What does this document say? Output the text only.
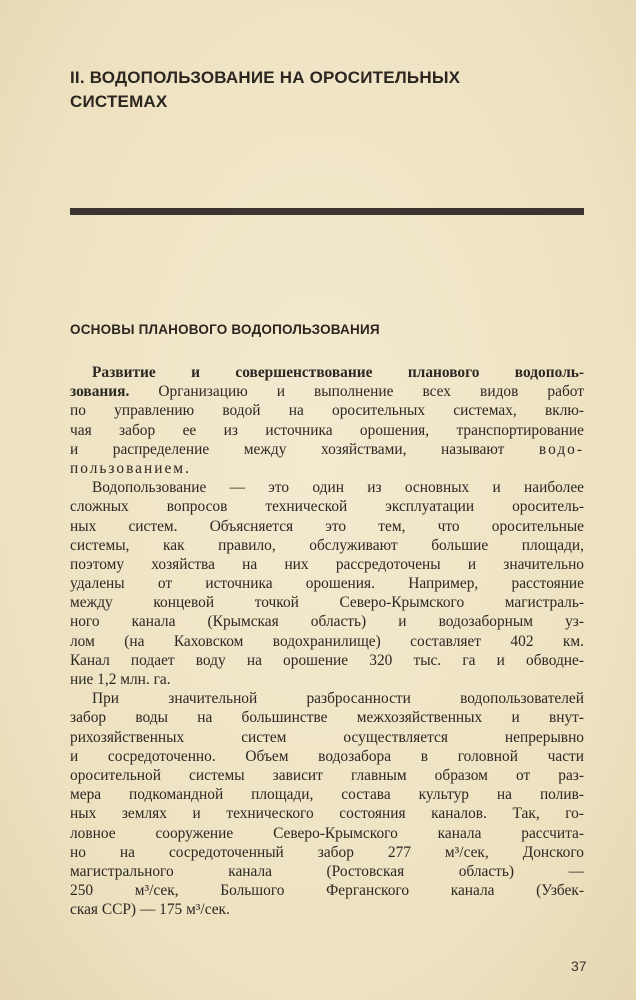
II. ВОДОПОЛЬЗОВАНИЕ НА ОРОСИТЕЛЬНЫХ
СИСТЕМАХ
ОСНОВЫ ПЛАНОВОГО ВОДОПОЛЬЗОВАНИЯ
Развитие и совершенствование планового водополь-
зования. Организацию и выполнение всех видов работ
по управлению водой на оросительных системах, вклю-
чая забор ее из источника орошения, транспортирование
и распределение между хозяйствами, называют водо-
пользованием.
Водопользование — это один из основных и наиболее
сложных вопросов технической эксплуатации ороситель-
ных систем. Объясняется это тем, что оросительные
системы, как правило, обслуживают большие площади,
поэтому хозяйства на них рассредоточены и значительно
удалены от источника орошения. Например, расстояние
между концевой точкой Северо-Крымского магистраль-
ного канала (Крымская область) и водозаборным уз-
лом (на Каховском водохранилище) составляет 402 км.
Канал подает воду на орошение 320 тыс. га и обводне-
ние 1,2 млн. га.
При значительной разбросанности водопользователей
забор воды на большинстве межхозяйственных и внут-
рихозяйственных систем осуществляется непрерывно
и сосредоточенно. Объем водозабора в головной части
оросительной системы зависит главным образом от раз-
мера подкомандной площади, состава культур на полив-
ных землях и технического состояния каналов. Так, го-
ловное сооружение Северо-Крымского канала рассчита-
но на сосредоточенный забор 277 м³/сек, Донского
магистрального канала (Ростовская область) —
250 м³/сек, Большого Ферганского канала (Узбек-
ская ССР) — 175 м³/сек.
37
